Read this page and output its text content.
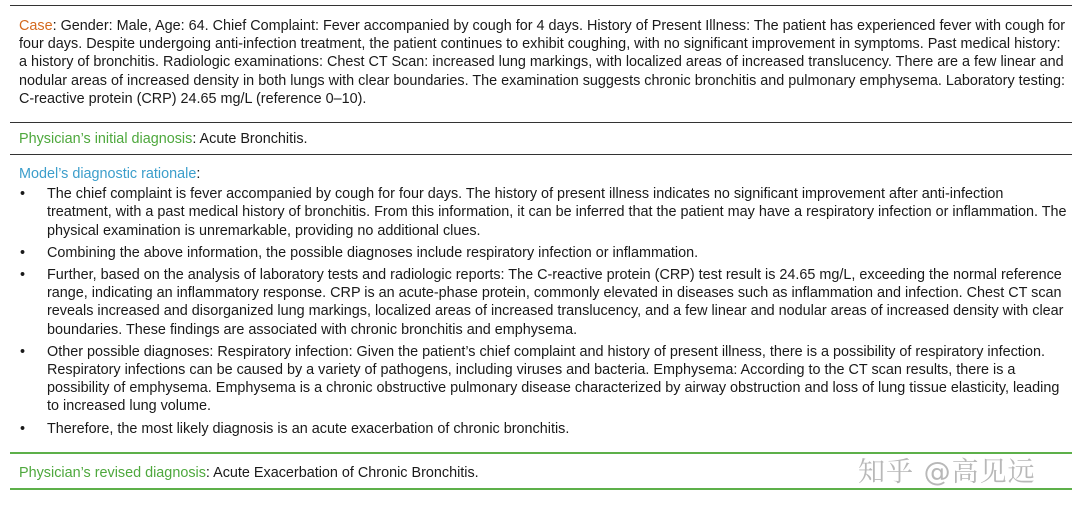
Case: Gender: Male, Age: 64. Chief Complaint: Fever accompanied by cough for 4 days. History of Present Illness: The patient has experienced fever with cough for four days. Despite undergoing anti-infection treatment, the patient continues to exhibit coughing, with no significant improvement in symptoms. Past medical history: a history of bronchitis. Radiologic examinations: Chest CT Scan: increased lung markings, with localized areas of increased translucency. There are a few linear and nodular areas of increased density in both lungs with clear boundaries. The examination suggests chronic bronchitis and pulmonary emphysema. Laboratory testing: C-reactive protein (CRP) 24.65 mg/L (reference 0–10).
Physician’s initial diagnosis: Acute Bronchitis.
Model’s diagnostic rationale:
• The chief complaint is fever accompanied by cough for four days. The history of present illness indicates no significant improvement after anti-infection treatment, with a past medical history of bronchitis. From this information, it can be inferred that the patient may have a respiratory infection or inflammation. The physical examination is unremarkable, providing no additional clues.
• Combining the above information, the possible diagnoses include respiratory infection or inflammation.
• Further, based on the analysis of laboratory tests and radiologic reports: The C-reactive protein (CRP) test result is 24.65 mg/L, exceeding the normal reference range, indicating an inflammatory response. CRP is an acute-phase protein, commonly elevated in diseases such as inflammation and infection. Chest CT scan reveals increased and disorganized lung markings, localized areas of increased translucency, and a few linear and nodular areas of increased density with clear boundaries. These findings are associated with chronic bronchitis and emphysema.
• Other possible diagnoses: Respiratory infection: Given the patient’s chief complaint and history of present illness, there is a possibility of respiratory infection. Respiratory infections can be caused by a variety of pathogens, including viruses and bacteria. Emphysema: According to the CT scan results, there is a possibility of emphysema. Emphysema is a chronic obstructive pulmonary disease characterized by airway obstruction and loss of lung tissue elasticity, leading to increased lung volume.
• Therefore, the most likely diagnosis is an acute exacerbation of chronic bronchitis.
Physician’s revised diagnosis: Acute Exacerbation of Chronic Bronchitis.	知乎 @高见远
